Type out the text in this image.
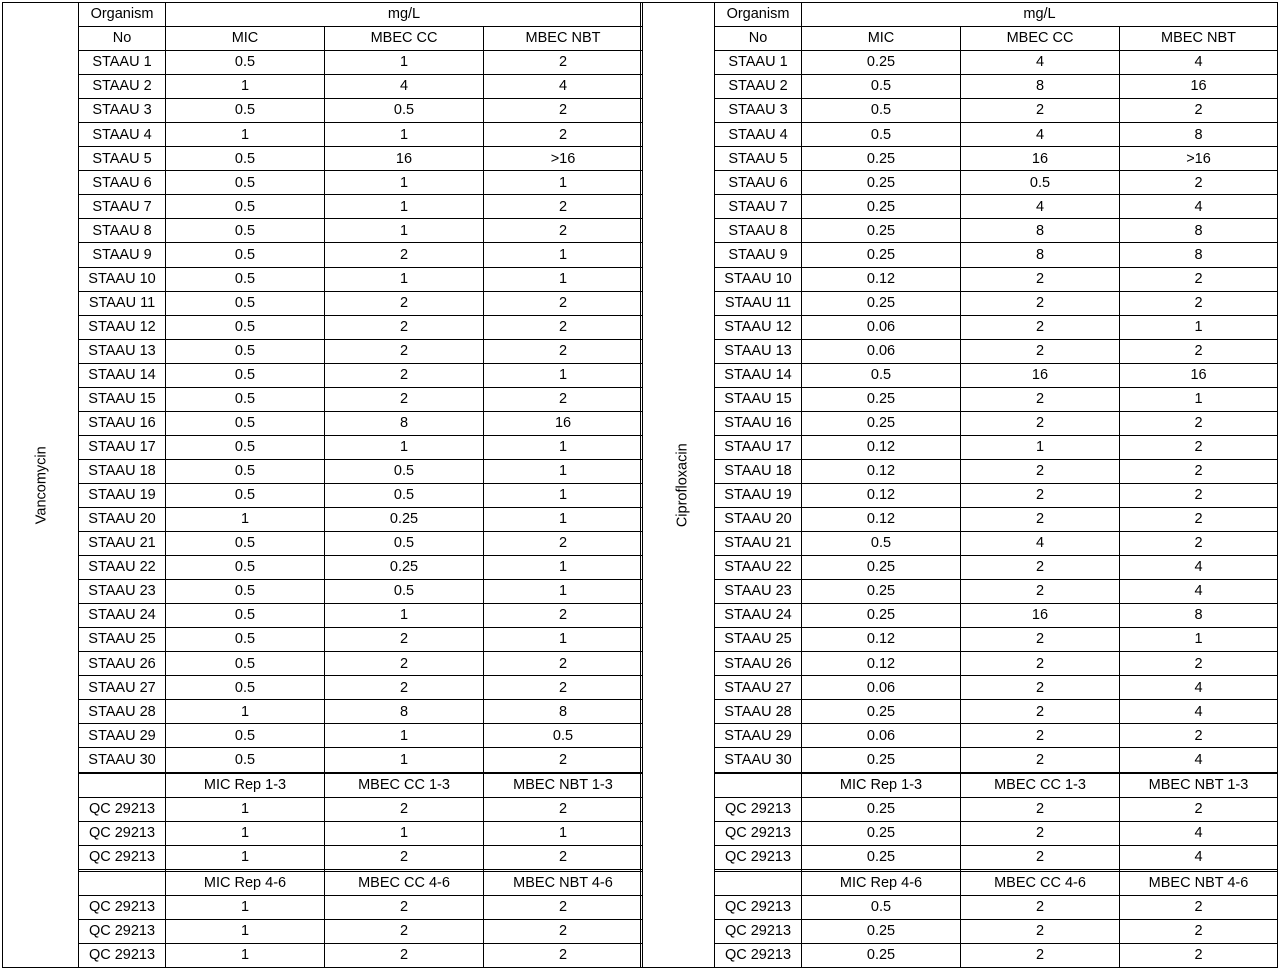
Vancomycin	Organism	mg/L		
	No	MIC	MBEC CC	MBEC NBT
	STAAU 1	0.5	1	2
	STAAU 2	1	4	4
	STAAU 3	0.5	0.5	2
	STAAU 4	1	1	2
	STAAU 5	0.5	16	>16
	STAAU 6	0.5	1	1
	STAAU 7	0.5	1	2
	STAAU 8	0.5	1	2
	STAAU 9	0.5	2	1
	STAAU 10	0.5	1	1
	STAAU 11	0.5	2	2
	STAAU 12	0.5	2	2
	STAAU 13	0.5	2	2
	STAAU 14	0.5	2	1
	STAAU 15	0.5	2	2
	STAAU 16	0.5	8	16
	STAAU 17	0.5	1	1
	STAAU 18	0.5	0.5	1
	STAAU 19	0.5	0.5	1
	STAAU 20	1	0.25	1
	STAAU 21	0.5	0.5	2
	STAAU 22	0.5	0.25	1
	STAAU 23	0.5	0.5	1
	STAAU 24	0.5	1	2
	STAAU 25	0.5	2	1
	STAAU 26	0.5	2	2
	STAAU 27	0.5	2	2
	STAAU 28	1	8	8
	STAAU 29	0.5	1	0.5
	STAAU 30	0.5	1	2

		MIC Rep 1-3	MBEC CC 1-3	MBEC NBT 1-3
	QC 29213	1	2	2
	QC 29213	1	1	1
	QC 29213	1	2	2

		MIC Rep 4-6	MBEC CC 4-6	MBEC NBT 4-6
	QC 29213	1	2	2
	QC 29213	1	2	2
	QC 29213	1	2	2
Ciprofloxacin	Organism	mg/L		
	No	MIC	MBEC CC	MBEC NBT
	STAAU 1	0.25	4	4
	STAAU 2	0.5	8	16
	STAAU 3	0.5	2	2
	STAAU 4	0.5	4	8
	STAAU 5	0.25	16	>16
	STAAU 6	0.25	0.5	2
	STAAU 7	0.25	4	4
	STAAU 8	0.25	8	8
	STAAU 9	0.25	8	8
	STAAU 10	0.12	2	2
	STAAU 11	0.25	2	2
	STAAU 12	0.06	2	1
	STAAU 13	0.06	2	2
	STAAU 14	0.5	16	16
	STAAU 15	0.25	2	1
	STAAU 16	0.25	2	2
	STAAU 17	0.12	1	2
	STAAU 18	0.12	2	2
	STAAU 19	0.12	2	2
	STAAU 20	0.12	2	2
	STAAU 21	0.5	4	2
	STAAU 22	0.25	2	4
	STAAU 23	0.25	2	4
	STAAU 24	0.25	16	8
	STAAU 25	0.12	2	1
	STAAU 26	0.12	2	2
	STAAU 27	0.06	2	4
	STAAU 28	0.25	2	4
	STAAU 29	0.06	2	2
	STAAU 30	0.25	2	4

		MIC Rep 1-3	MBEC CC 1-3	MBEC NBT 1-3
	QC 29213	0.25	2	2
	QC 29213	0.25	2	4
	QC 29213	0.25	2	4

		MIC Rep 4-6	MBEC CC 4-6	MBEC NBT 4-6
	QC 29213	0.5	2	2
	QC 29213	0.25	2	2
	QC 29213	0.25	2	2
